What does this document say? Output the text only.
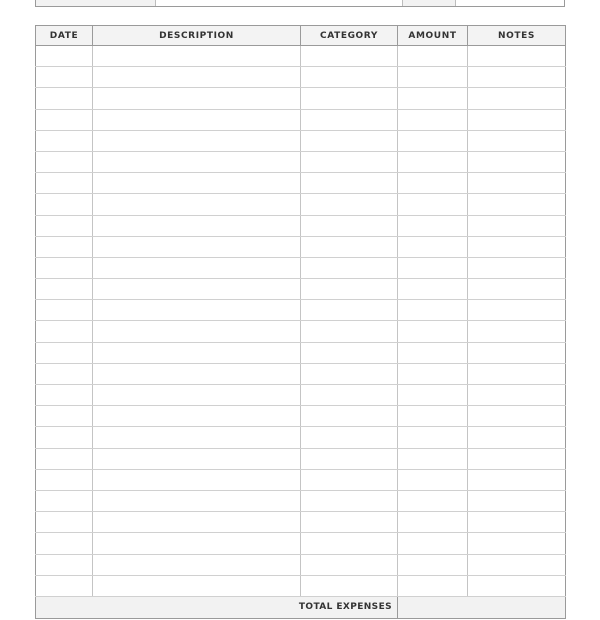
DATE	DESCRIPTION	CATEGORY	AMOUNT	NOTES

TOTAL EXPENSES				
